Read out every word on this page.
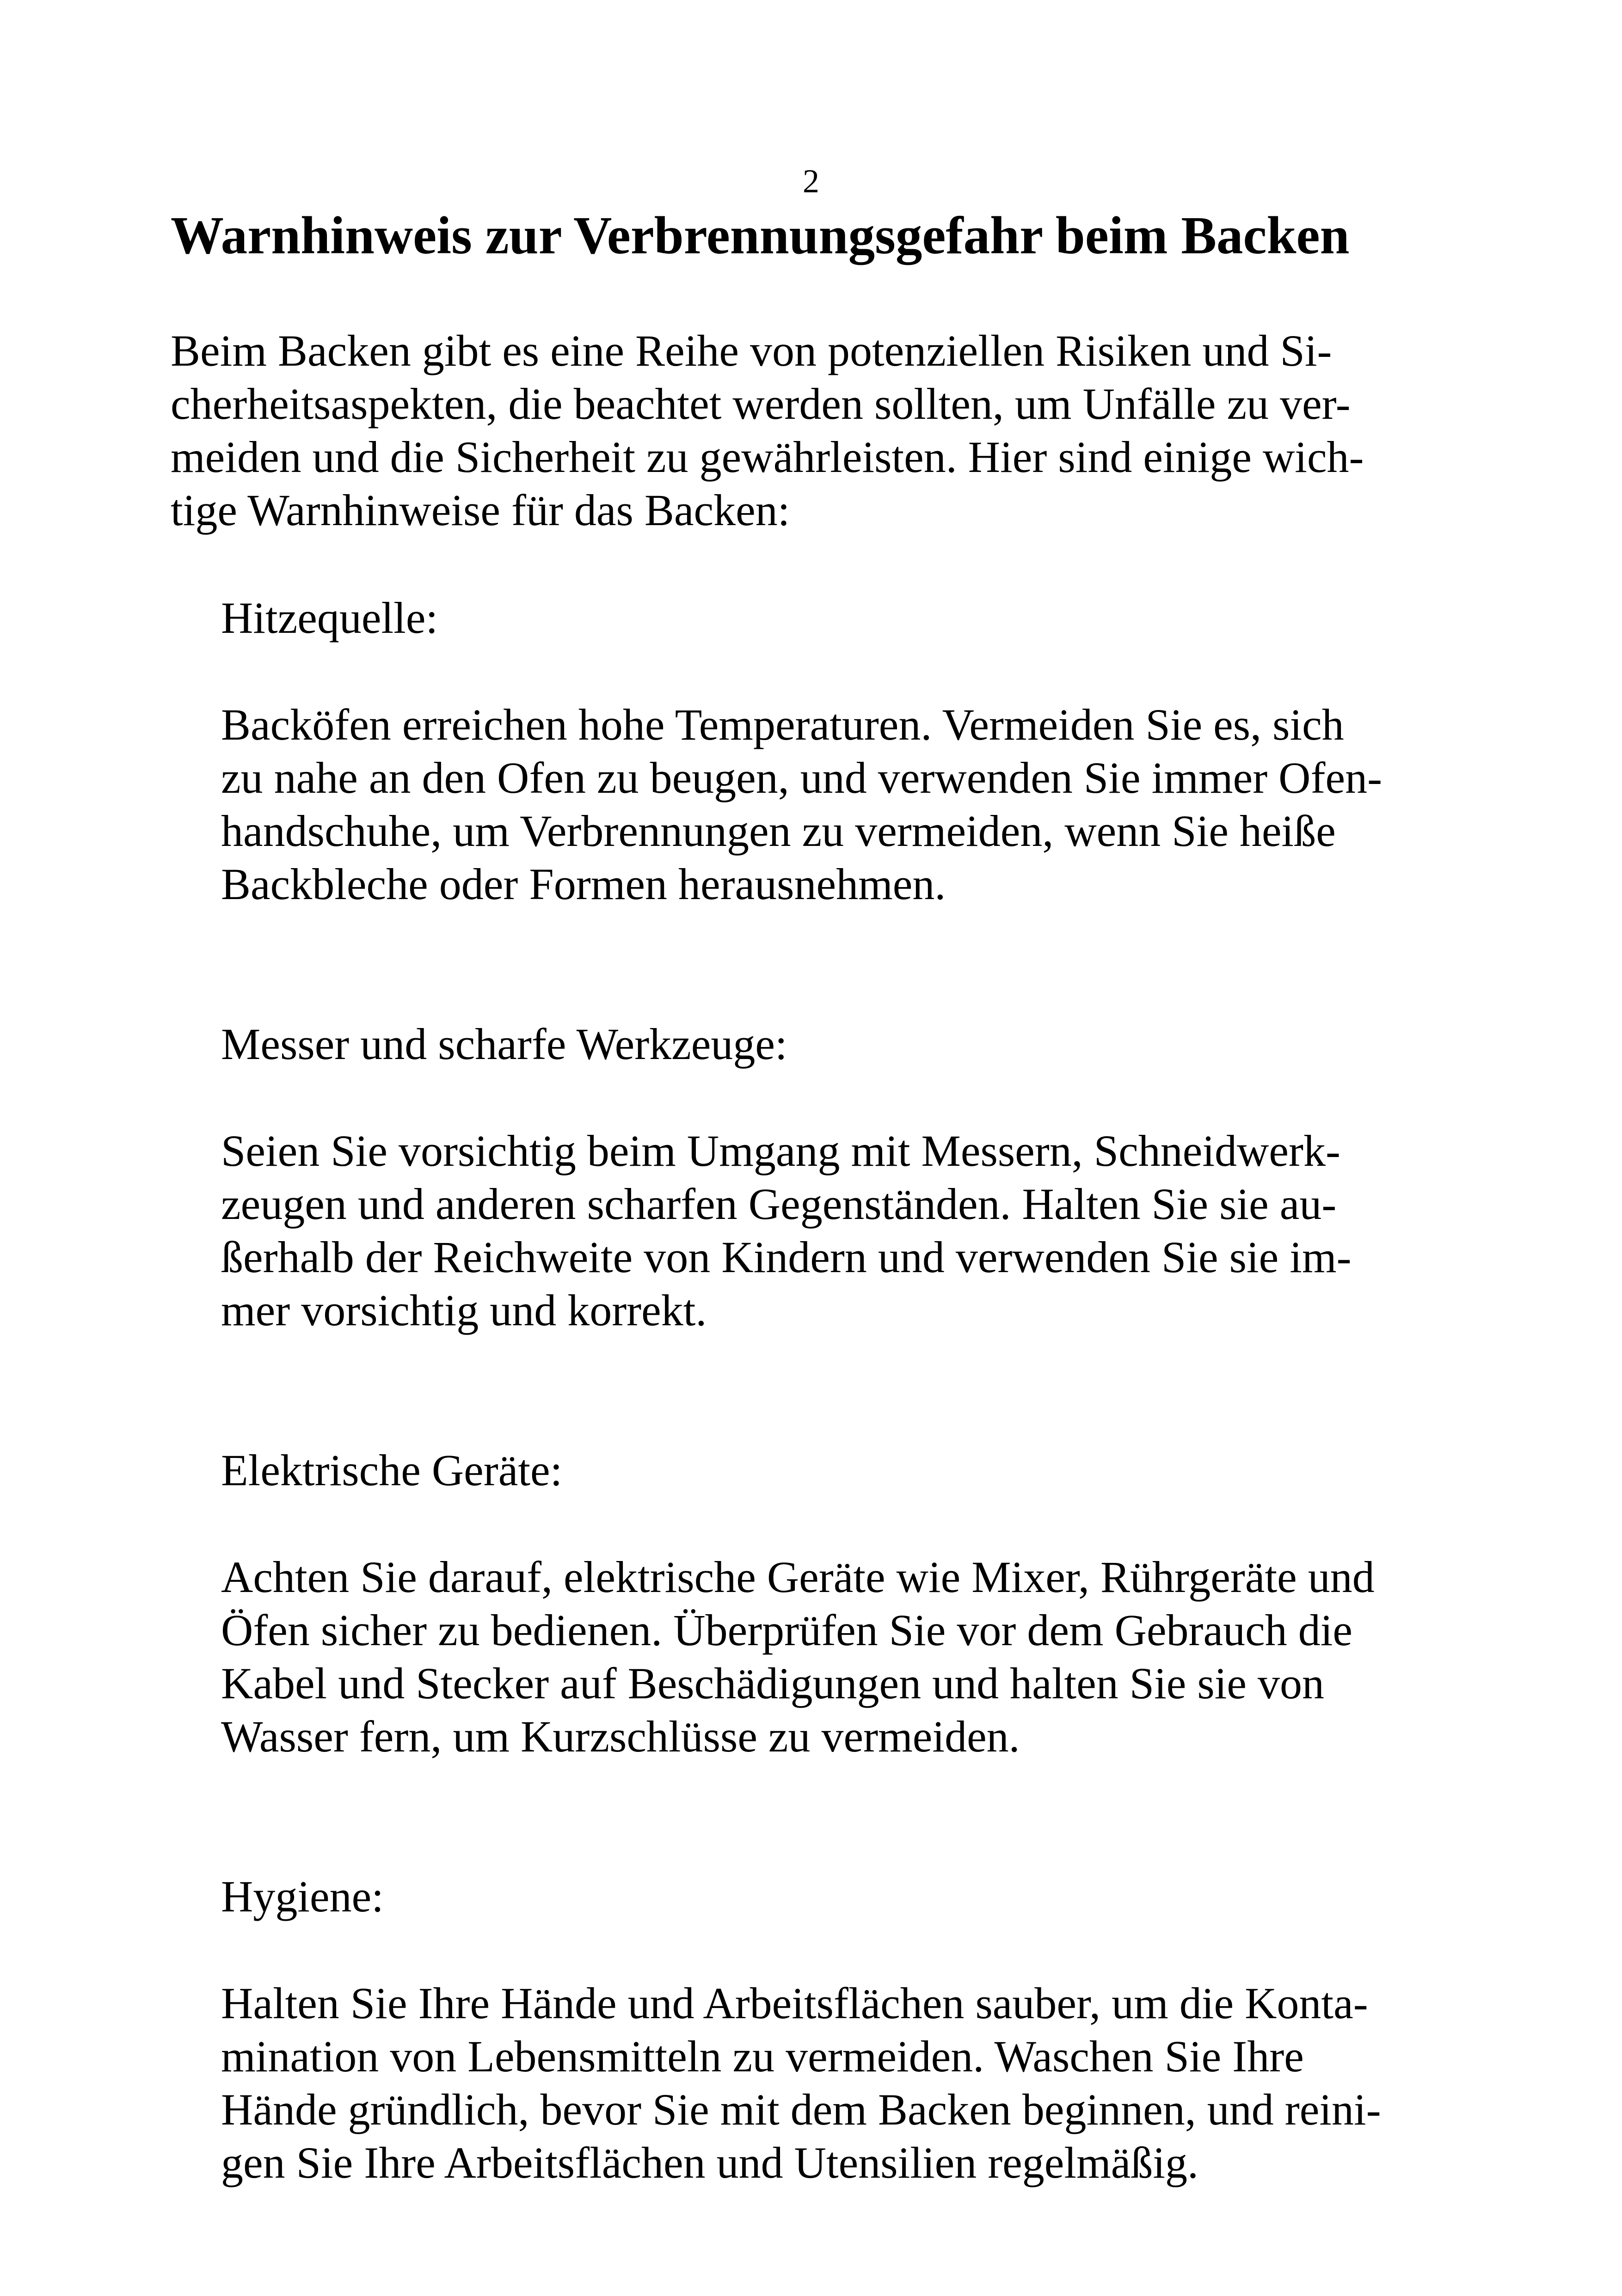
2
Warnhinweis zur Verbrennungsgefahr beim Backen

Beim Backen gibt es eine Reihe von potenziellen Risiken und Si‌-
cherheitsaspekten, die beachtet werden sollten, um Unfälle zu ver‌-
meiden und die Sicherheit zu gewährleisten. Hier sind einige wich‌-
tige Warnhinweise für das Backen:

Hitzequelle:

Backöfen erreichen hohe Temperaturen. Vermeiden Sie es, sich
zu nahe an den Ofen zu beugen, und verwenden Sie immer Ofen‌-
handschuhe, um Verbrennungen zu vermeiden, wenn Sie heiße
Backbleche oder Formen herausnehmen.

Messer und scharfe Werkzeuge:

Seien Sie vorsichtig beim Umgang mit Messern, Schneidwerk‌-
zeugen und anderen scharfen Gegenständen. Halten Sie sie au‌-
ßerhalb der Reichweite von Kindern und verwenden Sie sie im‌-
mer vorsichtig und korrekt.

Elektrische Geräte:

Achten Sie darauf, elektrische Geräte wie Mixer, Rührgeräte und
Öfen sicher zu bedienen. Überprüfen Sie vor dem Gebrauch die
Kabel und Stecker auf Beschädigungen und halten Sie sie von
Wasser fern, um Kurzschlüsse zu vermeiden.

Hygiene:

Halten Sie Ihre Hände und Arbeitsflächen sauber, um die Konta‌-
mination von Lebensmitteln zu vermeiden. Waschen Sie Ihre
Hände gründlich, bevor Sie mit dem Backen beginnen, und reini‌-
gen Sie Ihre Arbeitsflächen und Utensilien regelmäßig.
